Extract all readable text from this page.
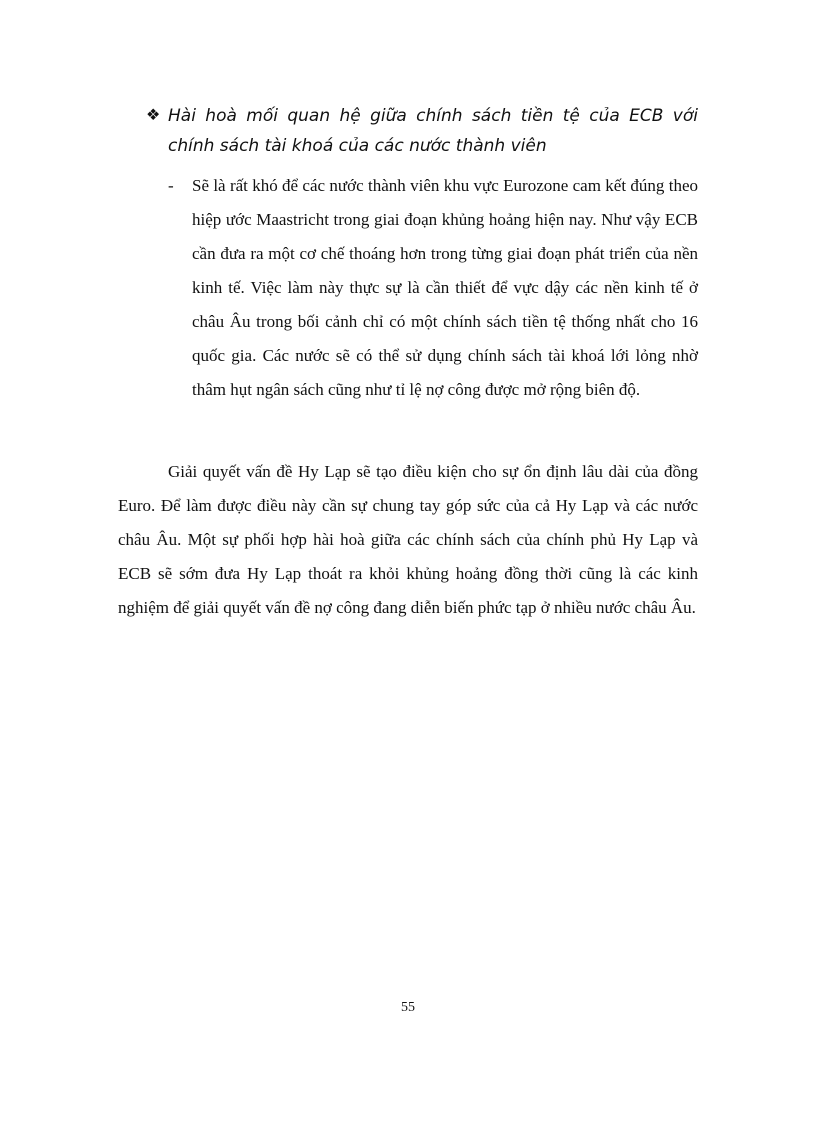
❖ Hài hoà mối quan hệ giữa chính sách tiền tệ của ECB với chính sách tài khoá của các nước thành viên
-	Sẽ là rất khó để các nước thành viên khu vực Eurozone cam kết đúng theo hiệp ước Maastricht trong giai đoạn khủng hoảng hiện nay. Như vậy ECB cần đưa ra một cơ chế thoáng hơn trong từng giai đoạn phát triển của nền kinh tế. Việc làm này thực sự là cần thiết để vực dậy các nền kinh tế ở châu Âu trong bối cảnh chỉ có một chính sách tiền tệ thống nhất cho 16 quốc gia. Các nước sẽ có thể sử dụng chính sách tài khoá lới lỏng nhờ thâm hụt ngân sách cũng như tỉ lệ nợ công được mở rộng biên độ.
Giải quyết vấn đề Hy Lạp sẽ tạo điều kiện cho sự ổn định lâu dài của đồng Euro. Để làm được điều này cần sự chung tay góp sức của cả Hy Lạp và các nước châu Âu. Một sự phối hợp hài hoà giữa các chính sách của chính phủ Hy Lạp và ECB sẽ sớm đưa Hy Lạp thoát ra khỏi khủng hoảng đồng thời cũng là các kinh nghiệm để giải quyết vấn đề nợ công đang diễn biến phức tạp ở nhiều nước châu Âu.
55
